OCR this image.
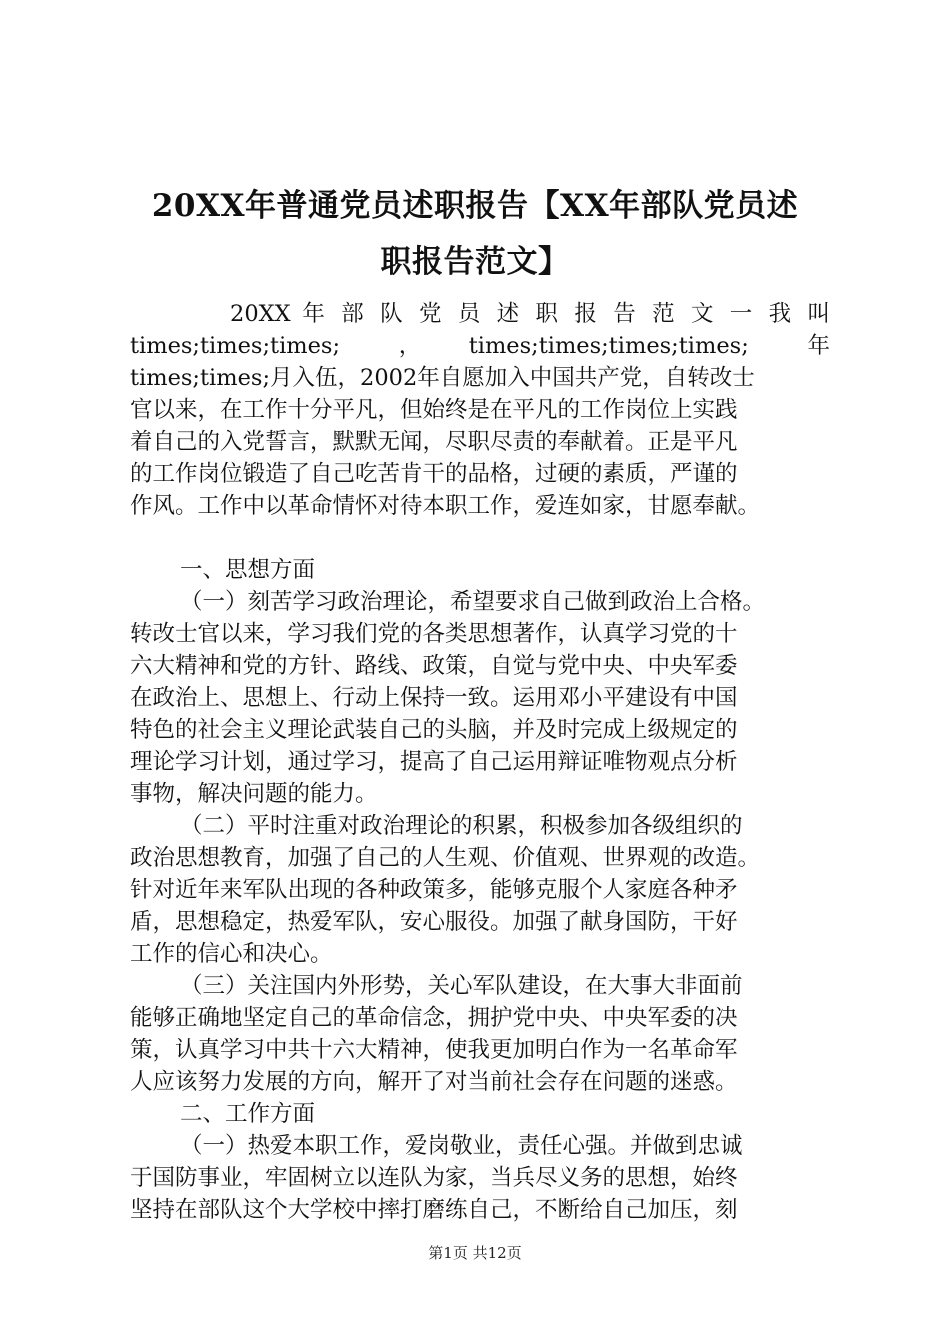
20XX年普通党员述职报告【XX年部队党员述
职报告范文】
20XX 年 部 队 党 员 述 职 报 告 范 文 一 我 叫
times;times;times;　，　times;times;times;times;　年
times;times;月入伍，2002年自愿加入中国共产党，自转改士
官以来，在工作十分平凡，但始终是在平凡的工作岗位上实践
着自己的入党誓言，默默无闻，尽职尽责的奉献着。正是平凡
的工作岗位锻造了自己吃苦肯干的品格，过硬的素质，严谨的
作风。工作中以革命情怀对待本职工作，爱连如家，甘愿奉献。
一、思想方面
（一）刻苦学习政治理论，希望要求自己做到政治上合格。
转改士官以来，学习我们党的各类思想著作，认真学习党的十
六大精神和党的方针、路线、政策，自觉与党中央、中央军委
在政治上、思想上、行动上保持一致。运用邓小平建设有中国
特色的社会主义理论武装自己的头脑，并及时完成上级规定的
理论学习计划，通过学习，提高了自己运用辩证唯物观点分析
事物，解决问题的能力。
（二）平时注重对政治理论的积累，积极参加各级组织的
政治思想教育，加强了自己的人生观、价值观、世界观的改造。
针对近年来军队出现的各种政策多，能够克服个人家庭各种矛
盾，思想稳定，热爱军队，安心服役。加强了献身国防，干好
工作的信心和决心。
（三）关注国内外形势，关心军队建设，在大事大非面前
能够正确地坚定自己的革命信念，拥护党中央、中央军委的决
策，认真学习中共十六大精神，使我更加明白作为一名革命军
人应该努力发展的方向，解开了对当前社会存在问题的迷惑。
二、工作方面
（一）热爱本职工作，爱岗敬业，责任心强。并做到忠诚
于国防事业，牢固树立以连队为家，当兵尽义务的思想，始终
坚持在部队这个大学校中摔打磨练自己，不断给自己加压，刻
第1页 共12页
